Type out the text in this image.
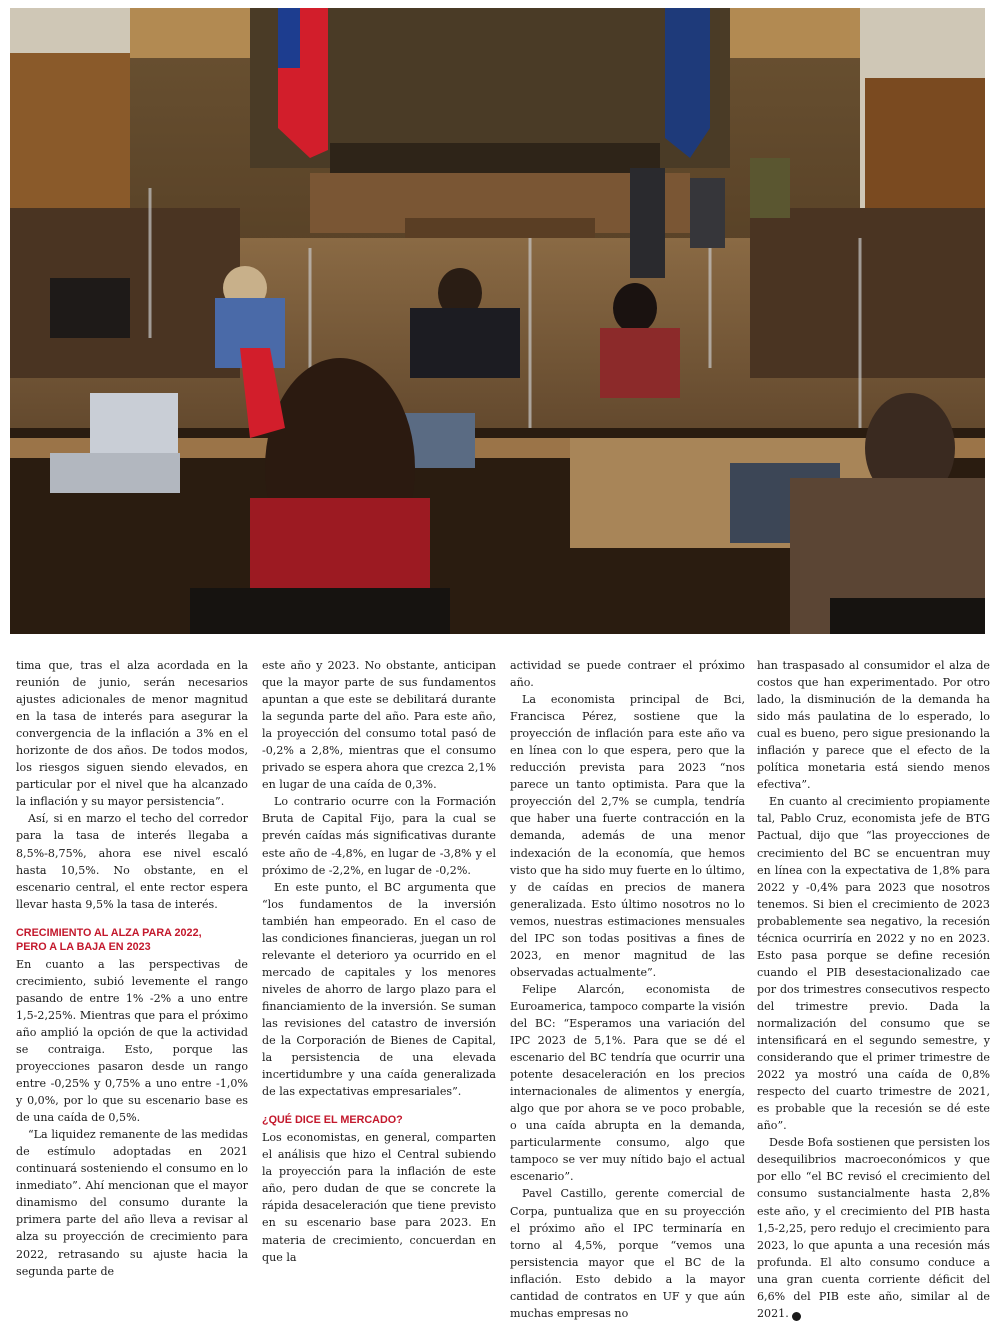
tima que, tras el alza acordada en la reunión de junio, serán necesarios ajustes adicionales de menor magnitud en la tasa de interés para asegurar la convergencia de la inflación a 3% en el horizonte de dos años. De todos modos, los riesgos siguen siendo elevados, en particular por el nivel que ha alcanzado la inflación y su mayor persistencia”.

Así, si en marzo el techo del corredor para la tasa de interés llegaba a 8,5%-8,75%, ahora ese nivel escaló hasta 10,5%. No obstante, en el escenario central, el ente rector espera llevar hasta 9,5% la tasa de interés.

CRECIMIENTO AL ALZA PARA 2022,
PERO A LA BAJA EN 2023

En cuanto a las perspectivas de crecimiento, subió levemente el rango pasando de entre 1% -2% a uno entre 1,5-2,25%. Mientras que para el próximo año amplió la opción de que la actividad se contraiga. Esto, porque las proyecciones pasaron desde un rango entre -0,25% y 0,75% a uno entre -1,0% y 0,0%, por lo que su escenario base es de una caída de 0,5%.

“La liquidez remanente de las medidas de estímulo adoptadas en 2021 continuará sosteniendo el consumo en lo inmediato”. Ahí mencionan que el mayor dinamismo del consumo durante la primera parte del año lleva a revisar al alza su proyección de crecimiento para 2022, retrasando su ajuste hacia la segunda parte de

este año y 2023. No obstante, anticipan que la mayor parte de sus fundamentos apuntan a que este se debilitará durante la segunda parte del año. Para este año, la proyección del consumo total pasó de -0,2% a 2,8%, mientras que el consumo privado se espera ahora que crezca 2,1% en lugar de una caída de 0,3%.

Lo contrario ocurre con la Formación Bruta de Capital Fijo, para la cual se prevén caídas más significativas durante este año de -4,8%, en lugar de -3,8% y el próximo de -2,2%, en lugar de -0,2%.

En este punto, el BC argumenta que “los fundamentos de la inversión también han empeorado. En el caso de las condiciones financieras, juegan un rol relevante el deterioro ya ocurrido en el mercado de capitales y los menores niveles de ahorro de largo plazo para el financiamiento de la inversión. Se suman las revisiones del catastro de inversión de la Corporación de Bienes de Capital, la persistencia de una elevada incertidumbre y una caída generalizada de las expectativas empresariales”.

¿QUÉ DICE EL MERCADO?

Los economistas, en general, comparten el análisis que hizo el Central subiendo la proyección para la inflación de este año, pero dudan de que se concrete la rápida desaceleración que tiene previsto en su escenario base para 2023. En materia de crecimiento, concuerdan en que la

actividad se puede contraer el próximo año.

La economista principal de Bci, Francisca Pérez, sostiene que la proyección de inflación para este año va en línea con lo que espera, pero que la reducción prevista para 2023 “nos parece un tanto optimista. Para que la proyección del 2,7% se cumpla, tendría que haber una fuerte contracción en la demanda, además de una menor indexación de la economía, que hemos visto que ha sido muy fuerte en lo último, y de caídas en precios de manera generalizada. Esto último nosotros no lo vemos, nuestras estimaciones mensuales del IPC son todas positivas a fines de 2023, en menor magnitud de las observadas actualmente”.

Felipe Alarcón, economista de Euroamerica, tampoco comparte la visión del BC: “Esperamos una variación del IPC 2023 de 5,1%. Para que se dé el escenario del BC tendría que ocurrir una potente desaceleración en los precios internacionales de alimentos y energía, algo que por ahora se ve poco probable, o una caída abrupta en la demanda, particularmente consumo, algo que tampoco se ver muy nítido bajo el actual escenario”.

Pavel Castillo, gerente comercial de Corpa, puntualiza que en su proyección el próximo año el IPC terminaría en torno al 4,5%, porque “vemos una persistencia mayor que el BC de la inflación. Esto debido a la mayor cantidad de contratos en UF y que aún muchas empresas no

han traspasado al consumidor el alza de costos que han experimentado. Por otro lado, la disminución de la demanda ha sido más paulatina de lo esperado, lo cual es bueno, pero sigue presionando la inflación y parece que el efecto de la política monetaria está siendo menos efectiva”.

En cuanto al crecimiento propiamente tal, Pablo Cruz, economista jefe de BTG Pactual, dijo que “las proyecciones de crecimiento del BC se encuentran muy en línea con la expectativa de 1,8% para 2022 y -0,4% para 2023 que nosotros tenemos. Si bien el crecimiento de 2023 probablemente sea negativo, la recesión técnica ocurriría en 2022 y no en 2023. Esto pasa porque se define recesión cuando el PIB desestacionalizado cae por dos trimestres consecutivos respecto del trimestre previo. Dada la normalización del consumo que se intensificará en el segundo semestre, y considerando que el primer trimestre de 2022 ya mostró una caída de 0,8% respecto del cuarto trimestre de 2021, es probable que la recesión se dé este año”.

Desde Bofa sostienen que persisten los desequilibrios macroeconómicos y que por ello “el BC revisó el crecimiento del consumo sustancialmente hasta 2,8% este año, y el crecimiento del PIB hasta 1,5-2,25, pero redujo el crecimiento para 2023, lo que apunta a una recesión más profunda. El alto consumo conduce a una gran cuenta corriente déficit del 6,6% del PIB este año, similar al de 2021. P
